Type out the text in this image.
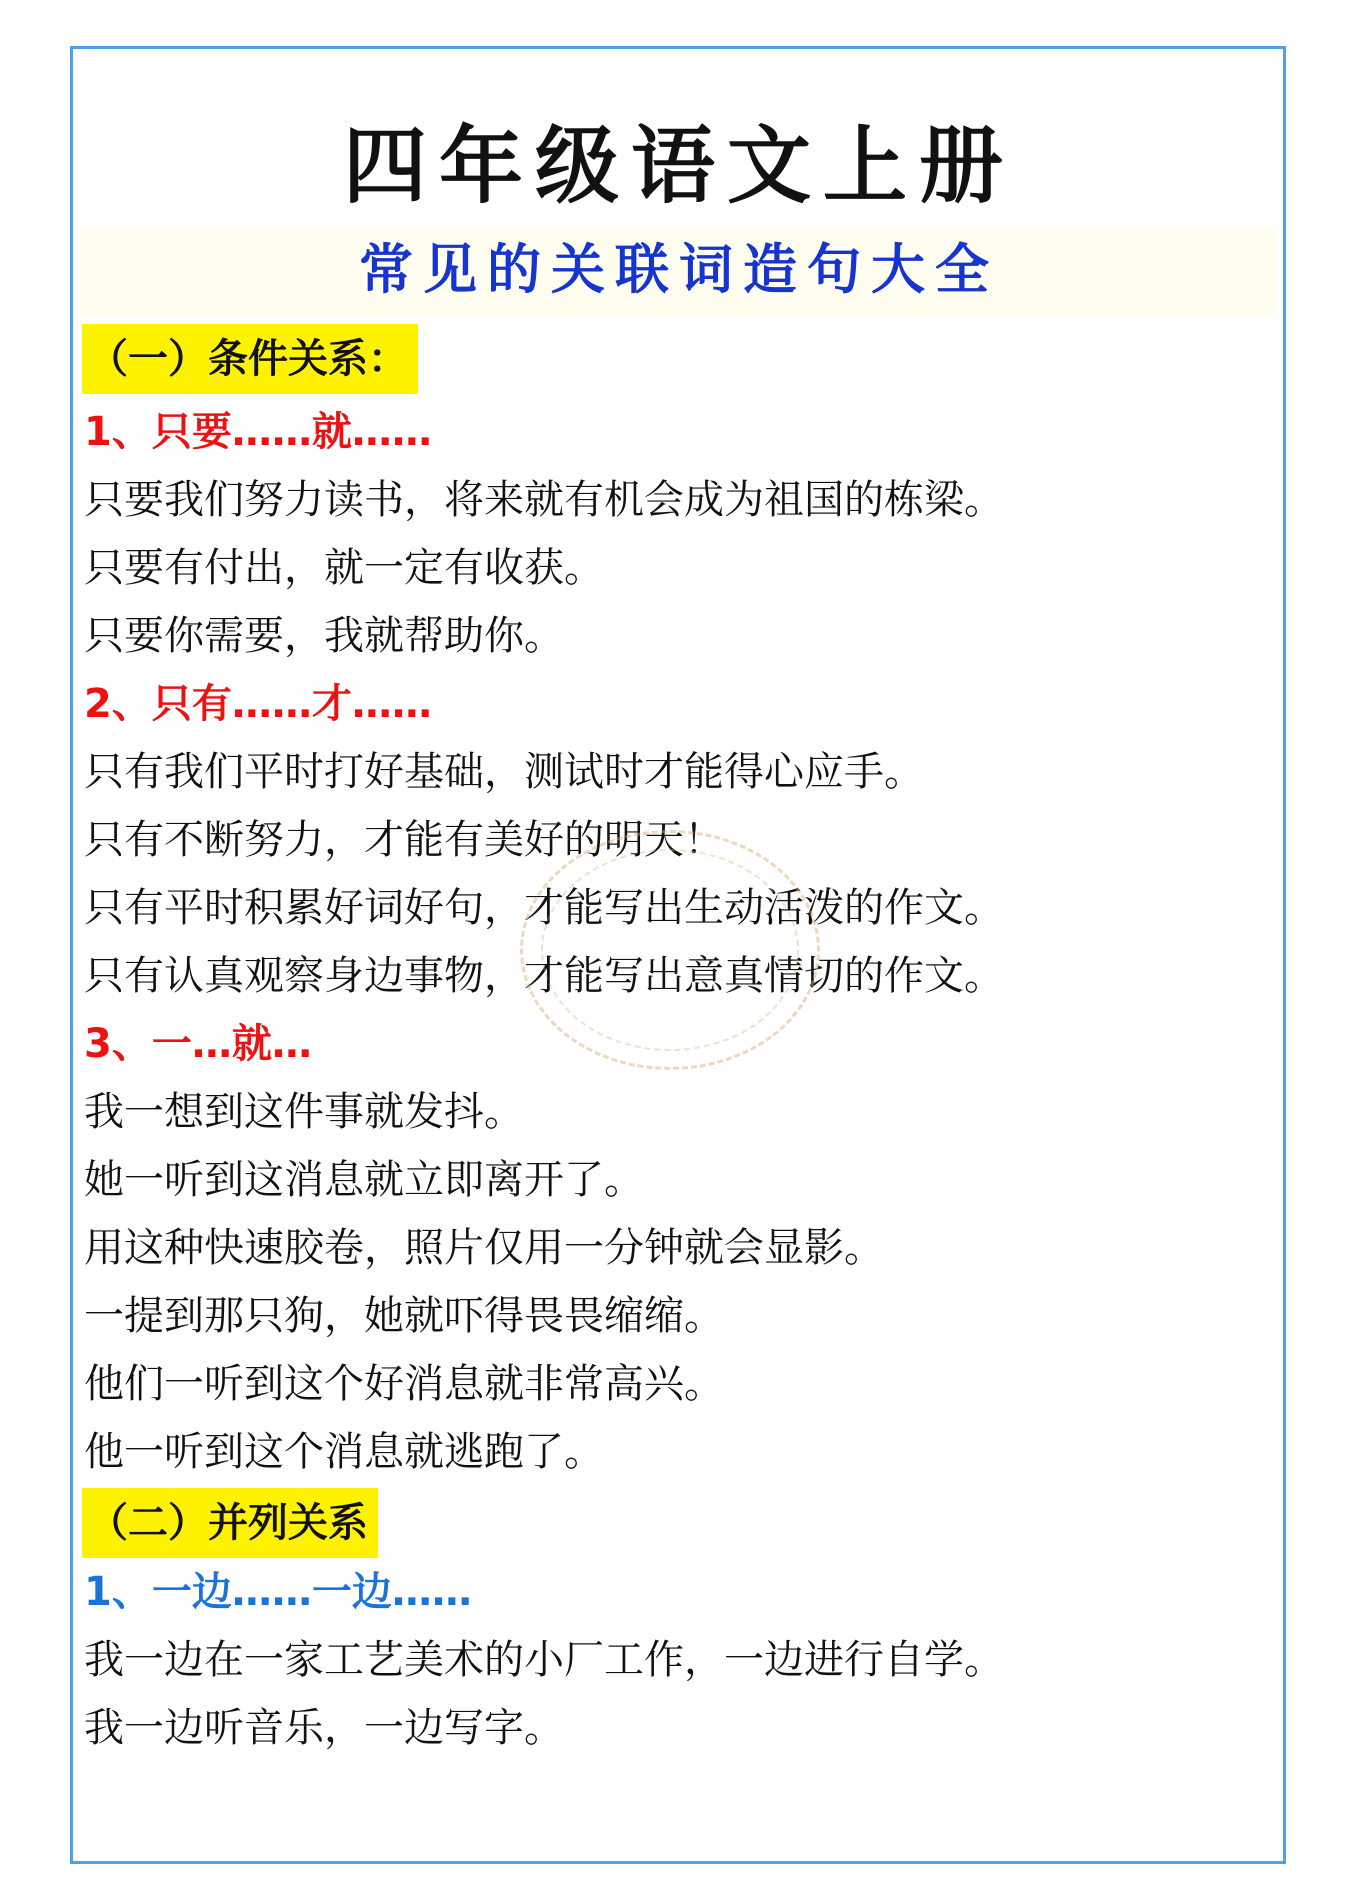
四年级语文上册
常见的关联词造句大全
（一）条件关系：
1、只要……就……
只要我们努力读书，将来就有机会成为祖国的栋梁。
只要有付出，就一定有收获。
只要你需要，我就帮助你。
2、只有……才……
只有我们平时打好基础，测试时才能得心应手。
只有不断努力，才能有美好的明天！
只有平时积累好词好句，才能写出生动活泼的作文。
只有认真观察身边事物，才能写出意真情切的作文。
3、一…就…
我一想到这件事就发抖。
她一听到这消息就立即离开了。
用这种快速胶卷，照片仅用一分钟就会显影。
一提到那只狗，她就吓得畏畏缩缩。
他们一听到这个好消息就非常高兴。
他一听到这个消息就逃跑了。
（二）并列关系
1、一边……一边……
我一边在一家工艺美术的小厂工作，一边进行自学。
我一边听音乐，一边写字。
